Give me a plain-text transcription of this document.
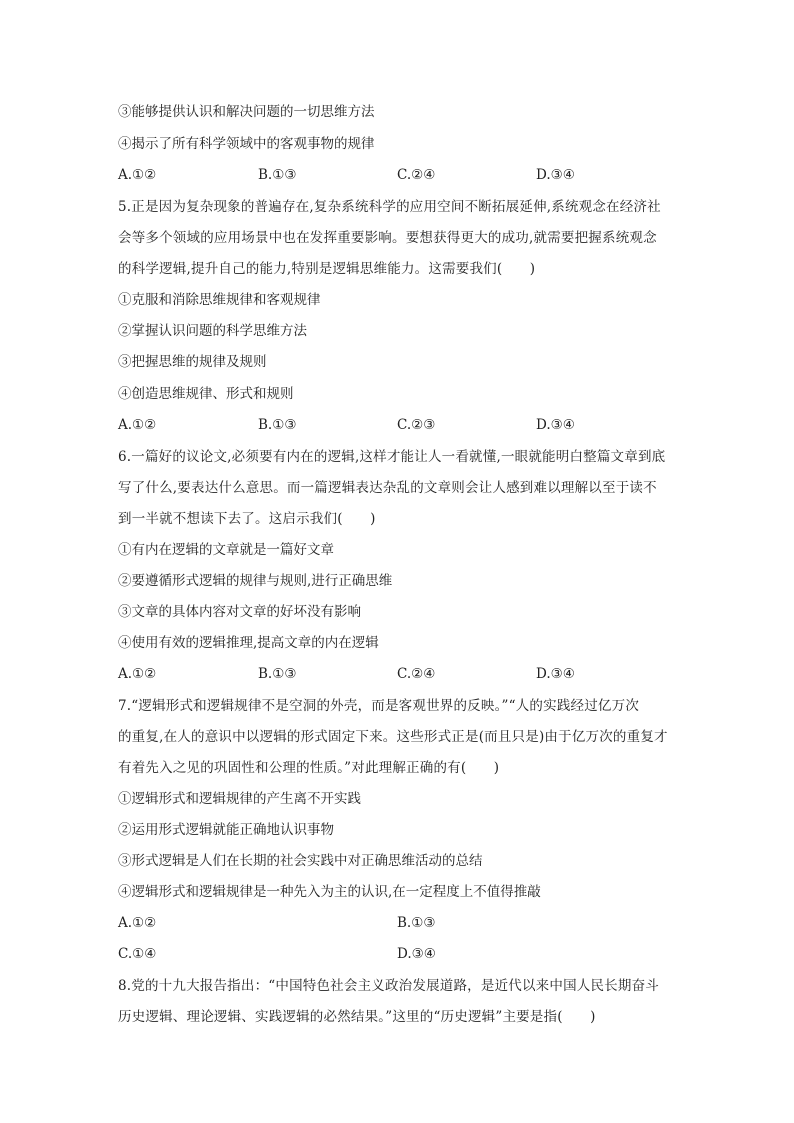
③能够提供认识和解决问题的一切思维方法
④揭示了所有科学领域中的客观事物的规律
A.①②	B.①③	C.②④	D.③④
5.正是因为复杂现象的普遍存在,复杂系统科学的应用空间不断拓展延伸,系统观念在经济社
会等多个领域的应用场景中也在发挥重要影响。要想获得更大的成功,就需要把握系统观念
的科学逻辑,提升自己的能力,特别是逻辑思维能力。这需要我们(　　)
①克服和消除思维规律和客观规律
②掌握认识问题的科学思维方法
③把握思维的规律及规则
④创造思维规律、形式和规则
A.①②	B.①③	C.②③	D.③④
6.一篇好的议论文,必须要有内在的逻辑,这样才能让人一看就懂,一眼就能明白整篇文章到底
写了什么,要表达什么意思。而一篇逻辑表达杂乱的文章则会让人感到难以理解以至于读不
到一半就不想读下去了。这启示我们(　　)
①有内在逻辑的文章就是一篇好文章
②要遵循形式逻辑的规律与规则,进行正确思维
③文章的具体内容对文章的好坏没有影响
④使用有效的逻辑推理,提高文章的内在逻辑
A.①②	B.①③	C.②④	D.③④
7.“逻辑形式和逻辑规律不是空洞的外壳，而是客观世界的反映。”“人的实践经过亿万次
的重复,在人的意识中以逻辑的形式固定下来。这些形式正是(而且只是)由于亿万次的重复才
有着先入之见的巩固性和公理的性质。”对此理解正确的有(　　)
①逻辑形式和逻辑规律的产生离不开实践
②运用形式逻辑就能正确地认识事物
③形式逻辑是人们在长期的社会实践中对正确思维活动的总结
④逻辑形式和逻辑规律是一种先入为主的认识,在一定程度上不值得推敲
A.①②	B.①③
C.①④	D.③④
8.党的十九大报告指出：“中国特色社会主义政治发展道路，是近代以来中国人民长期奋斗
历史逻辑、理论逻辑、实践逻辑的必然结果。”这里的“历史逻辑”主要是指(　　)
